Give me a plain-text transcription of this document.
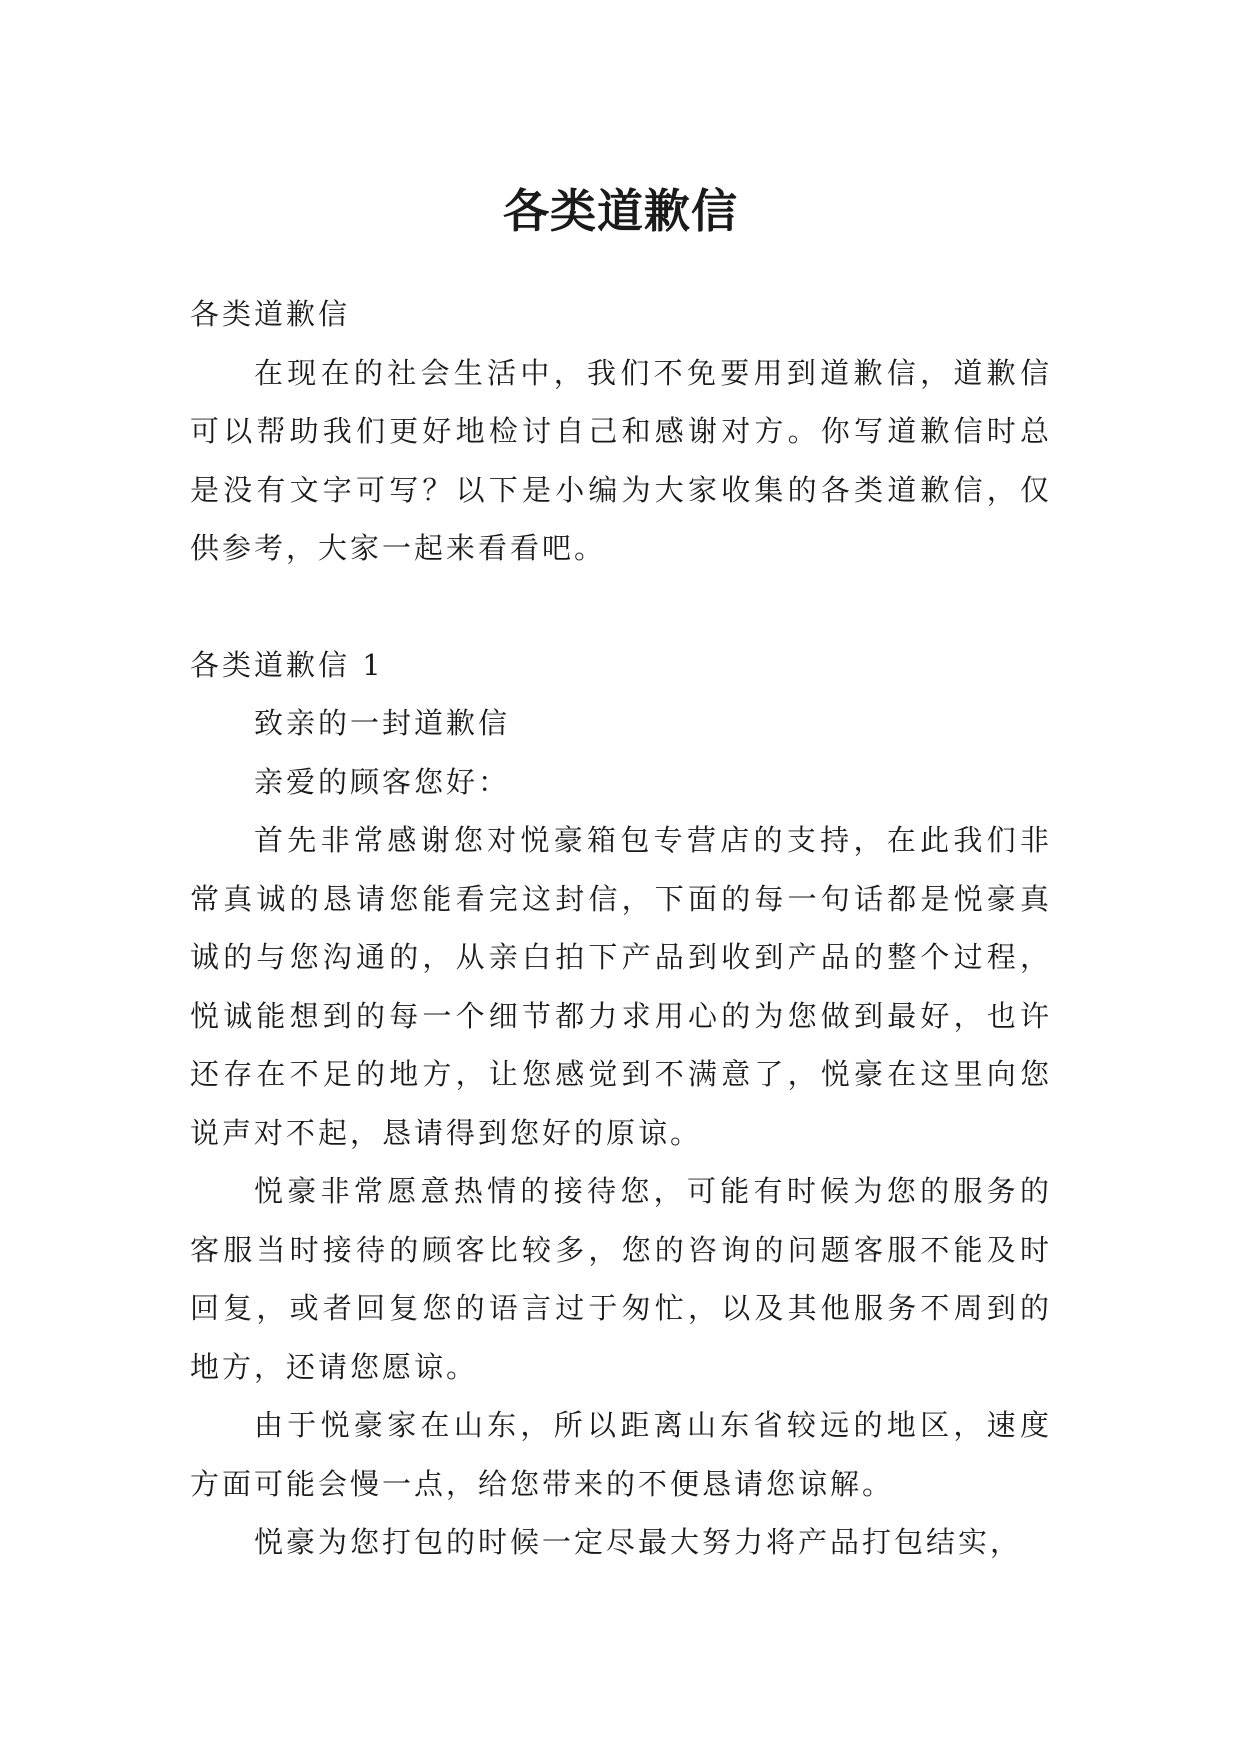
各类道歉信

各类道歉信

在现在的社会生活中，我们不免要用到道歉信，道歉信可以帮助我们更好地检讨自己和感谢对方。你写道歉信时总是没有文字可写？以下是小编为大家收集的各类道歉信，仅供参考，大家一起来看看吧。

各类道歉信 1

致亲的一封道歉信

亲爱的顾客您好：

首先非常感谢您对悦豪箱包专营店的支持，在此我们非常真诚的恳请您能看完这封信，下面的每一句话都是悦豪真诚的与您沟通的，从亲白拍下产品到收到产品的整个过程，悦诚能想到的每一个细节都力求用心的为您做到最好，也许还存在不足的地方，让您感觉到不满意了，悦豪在这里向您说声对不起，恳请得到您好的原谅。

悦豪非常愿意热情的接待您，可能有时候为您的服务的客服当时接待的顾客比较多，您的咨询的问题客服不能及时回复，或者回复您的语言过于匆忙，以及其他服务不周到的地方，还请您愿谅。

由于悦豪家在山东，所以距离山东省较远的地区，速度方面可能会慢一点，给您带来的不便恳请您谅解。

悦豪为您打包的时候一定尽最大努力将产品打包结实，
